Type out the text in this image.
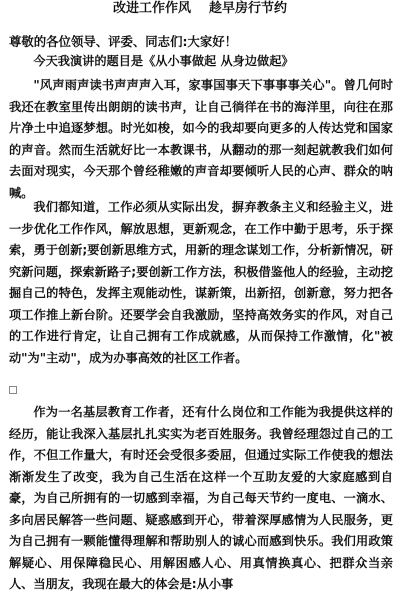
改进工作作风    趁早房行节约
尊敬的各位领导、评委、同志们:大家好！

今天我演讲的题目是《从小事做起 从身边做起》

"风声雨声读书声声声入耳，家事国事天下事事事关心"。曾几何时我还在教室里传出朗朗的读书声，让自己徜徉在书的海洋里，向往在那片净土中追逐梦想。时光如梭，如今的我却要向更多的人传达党和国家的声音。然而生活就好比一本教课书，从翻动的那一刻起就教我们如何去面对现实，今天那个曾经稚嫩的声音却要倾听人民的心声、群众的呐喊。

我们都知道，工作必须从实际出发，摒弃教条主义和经验主义，进一步优化工作作风，解放思想，更新观念，在工作中勤于思考，乐于探索，勇于创新;要创新思维方式，用新的理念谋划工作，分析新情况，研究新问题，探索新路子;要创新工作方法，积极借鉴他人的经验，主动挖掘自己的特色，发挥主观能动性，谋新策，出新招，创新意，努力把各项工作推上新台阶。还要学会自我激励，坚持高效务实的作风，对自己的工作进行肯定，让自己拥有工作成就感，从而保持工作激情，化"被动"为"主动"，成为办事高效的社区工作者。

作为一名基层教育工作者，还有什么岗位和工作能为我提供这样的经历，能让我深入基层扎扎实实为老百姓服务。我曾经理怨过自己的工作，不但工作量大，有时还会受很多委屈，但通过实际工作使我的想法渐渐发生了改变，我为自己生活在这样一个互助友爱的大家庭感到自豪，为自己所拥有的一切感到幸福，为自己每天节约一度电、一滴水、多向居民解答一些问题、疑惑感到开心，带着深厚感情为人民服务，更为自己拥有一颗能懂得理解和帮助别人的诚心而感到快乐。我们用政策解疑心、用保障稳民心、用解困感人心、用真情换真心、把群众当亲人、当朋友，我现在最大的体会是:从小事
